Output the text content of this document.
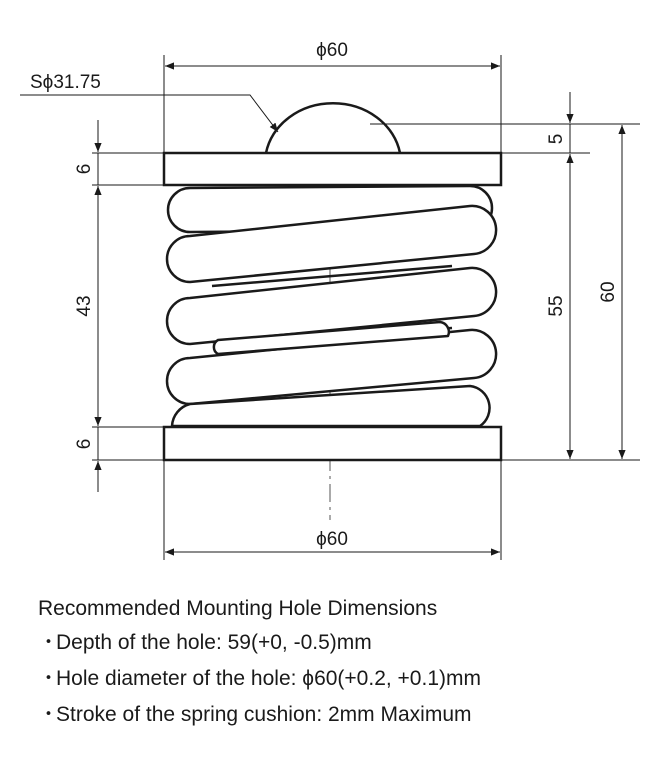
ϕ60
ϕ60
Sϕ31.75
6
43
6
5
55
60
Recommended Mounting Hole Dimensions
・Depth of the hole: 59(+0, -0.5)mm
・Hole diameter of the hole: ϕ60(+0.2, +0.1)mm
・Stroke of the spring cushion: 2mm Maximum
